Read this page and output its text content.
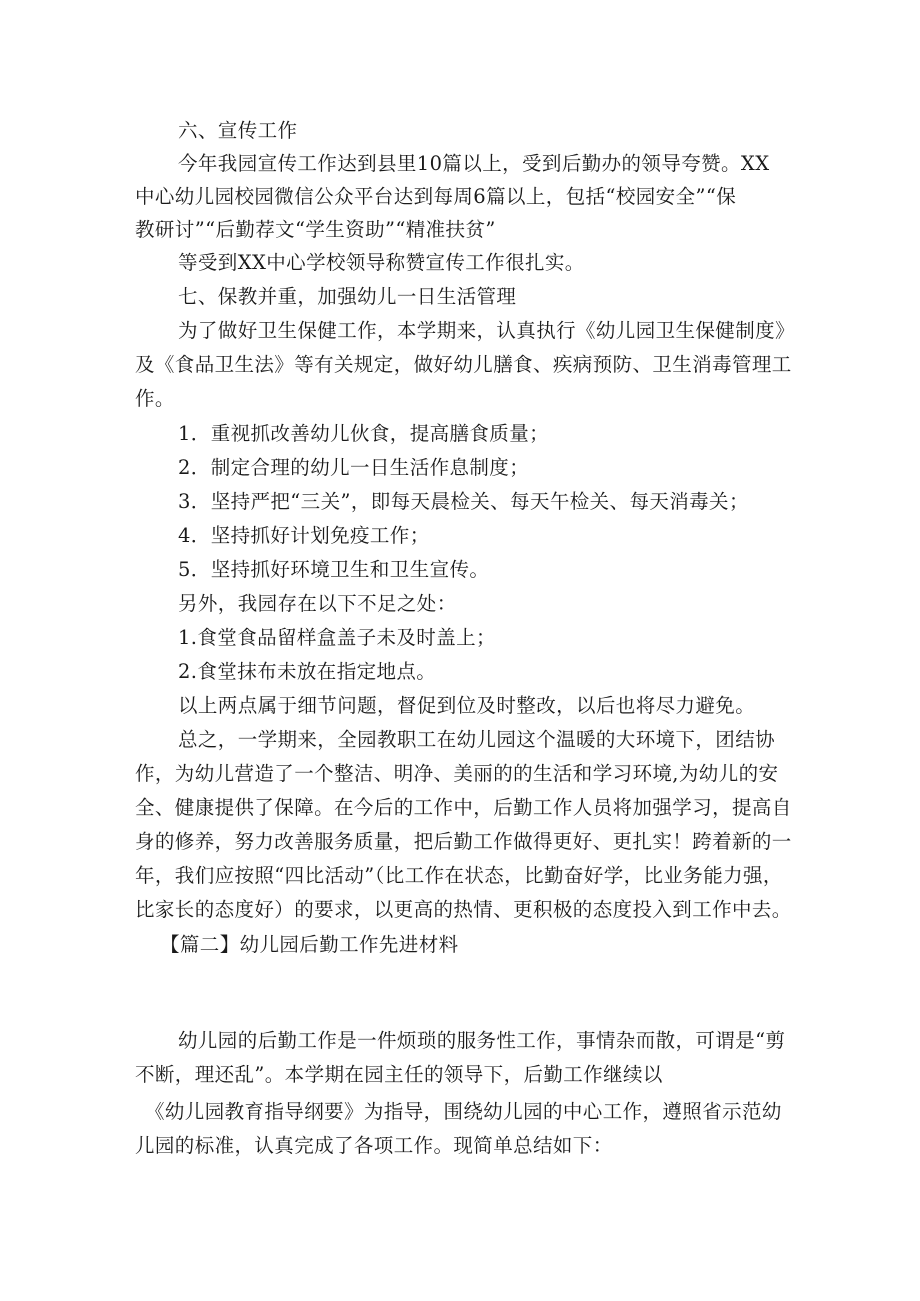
六、宣传工作
今年我园宣传工作达到县里10篇以上，受到后勤办的领导夸赞。XX
中心幼儿园校园微信公众平台达到每周6篇以上，包括“校园安全”“保
教研讨”“后勤荐文“学生资助”“精准扶贫”
等受到XX中心学校领导称赞宣传工作很扎实。
七、保教并重，加强幼儿一日生活管理
为了做好卫生保健工作，本学期来，认真执行《幼儿园卫生保健制度》
及《食品卫生法》等有关规定，做好幼儿膳食、疾病预防、卫生消毒管理工
作。
1．重视抓改善幼儿伙食，提高膳食质量；
2．制定合理的幼儿一日生活作息制度；
3．坚持严把“三关”，即每天晨检关、每天午检关、每天消毒关；
4．坚持抓好计划免疫工作；
5．坚持抓好环境卫生和卫生宣传。
另外，我园存在以下不足之处：
1.食堂食品留样盒盖子未及时盖上；
2.食堂抹布未放在指定地点。
以上两点属于细节问题，督促到位及时整改，以后也将尽力避免。
总之，一学期来，全园教职工在幼儿园这个温暖的大环境下，团结协
作，为幼儿营造了一个整洁、明净、美丽的的生活和学习环境,为幼儿的安
全、健康提供了保障。在今后的工作中，后勤工作人员将加强学习，提高自
身的修养，努力改善服务质量，把后勤工作做得更好、更扎实！跨着新的一
年，我们应按照“四比活动”（比工作在状态，比勤奋好学，比业务能力强，
比家长的态度好）的要求，以更高的热情、更积极的态度投入到工作中去。
【篇二】幼儿园后勤工作先进材料
幼儿园的后勤工作是一件烦琐的服务性工作，事情杂而散，可谓是“剪
不断，理还乱”。本学期在园主任的领导下，后勤工作继续以
《幼儿园教育指导纲要》为指导，围绕幼儿园的中心工作，遵照省示范幼
儿园的标准，认真完成了各项工作。现简单总结如下：
